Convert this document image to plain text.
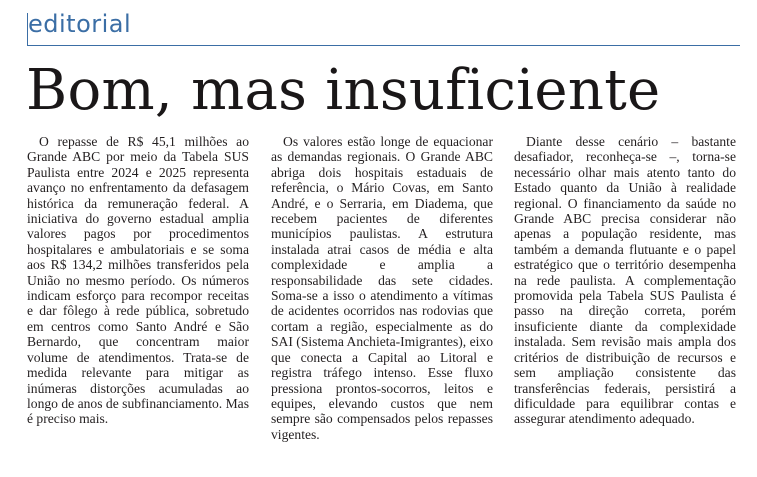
editorial
Bom, mas insuficiente

O repasse de R$ 45,1 milhões ao Grande ABC por meio da Tabela SUS Paulista entre 2024 e 2025 representa avanço no enfrentamento da defasagem histórica da remuneração federal. A iniciativa do governo estadual amplia valores pagos por procedimentos hospitalares e ambulatoriais e se soma aos R$ 134,2 milhões transferidos pela União no mesmo período. Os números indicam esforço para recompor receitas e dar fôlego à rede pública, sobretudo em centros como Santo André e São Bernardo, que concentram maior volume de atendimentos. Trata-se de medida relevante para mitigar as inúmeras distorções acumuladas ao longo de anos de subfinanciamento. Mas é preciso mais.

Os valores estão longe de equacionar as demandas regionais. O Grande ABC abriga dois hospitais estaduais de referência, o Mário Covas, em Santo André, e o Serraria, em Diadema, que recebem pacientes de diferentes municípios paulistas. A estrutura instalada atrai casos de média e alta complexidade e amplia a responsabilidade das sete cidades. Soma-se a isso o atendimento a vítimas de acidentes ocorridos nas rodovias que cortam a região, especialmente as do SAI (Sistema Anchieta-Imigrantes), eixo que conecta a Capital ao Litoral e registra tráfego intenso. Esse fluxo pressiona prontos-socorros, leitos e equipes, elevando custos que nem sempre são compensados pelos repasses vigentes.

Diante desse cenário – bastante desafiador, reconheça-se –, torna-se necessário olhar mais atento tanto do Estado quanto da União à realidade regional. O financiamento da saúde no Grande ABC precisa considerar não apenas a população residente, mas também a demanda flutuante e o papel estratégico que o território desempenha na rede paulista. A complementação promovida pela Tabela SUS Paulista é passo na direção correta, porém insuficiente diante da complexidade instalada. Sem revisão mais ampla dos critérios de distribuição de recursos e sem ampliação consistente das transferências federais, persistirá a dificuldade para equilibrar contas e assegurar atendimento adequado.
